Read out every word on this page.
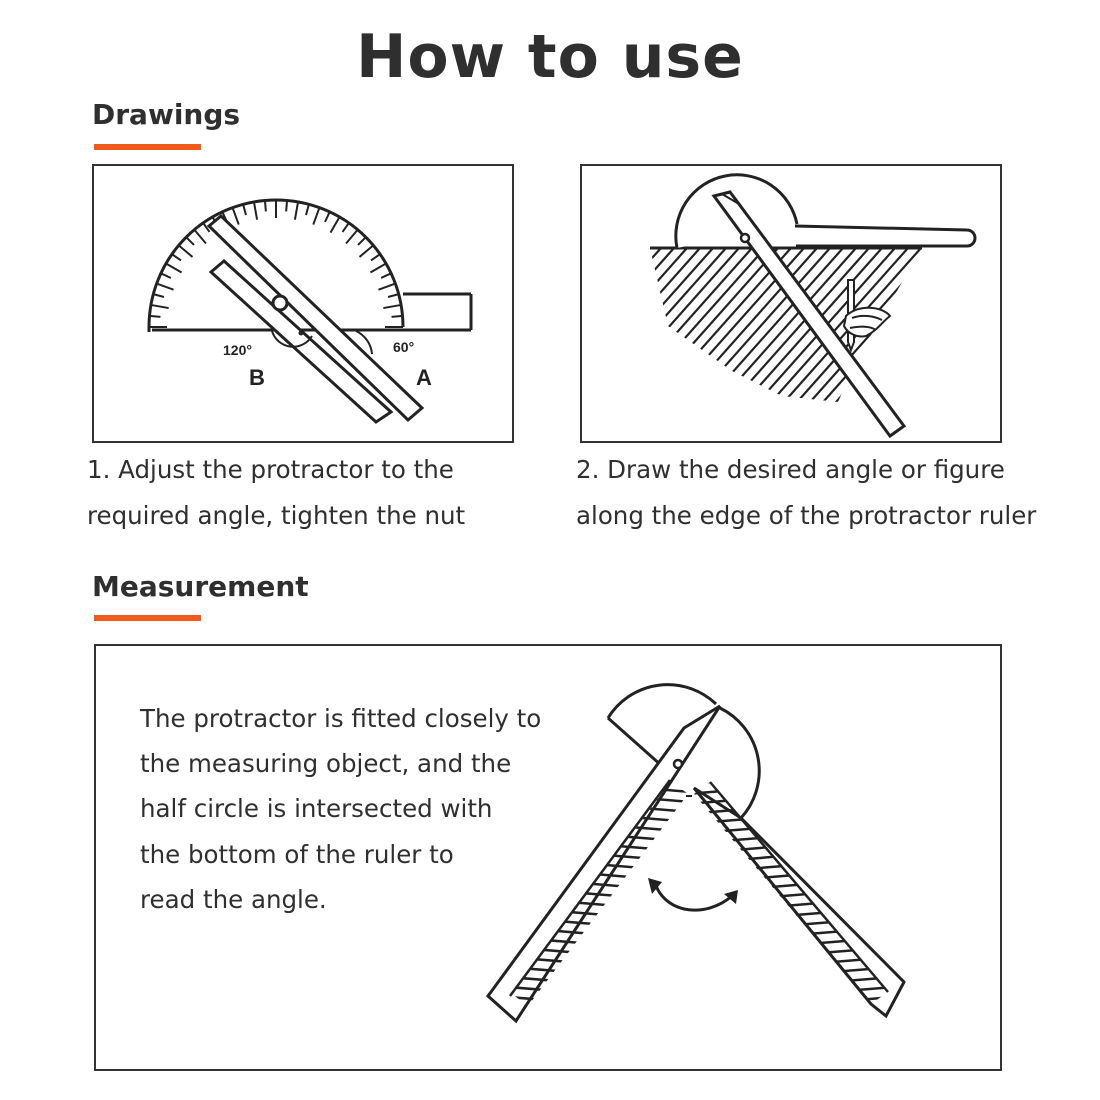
How to use
Drawings
120°	60°
B	A
1. Adjust the protractor to the
required angle, tighten the nut
2. Draw the desired angle or figure
along the edge of the protractor ruler
Measurement
The protractor is fitted closely to
the measuring object, and the
half circle is intersected with
the bottom of the ruler to
read the angle.
